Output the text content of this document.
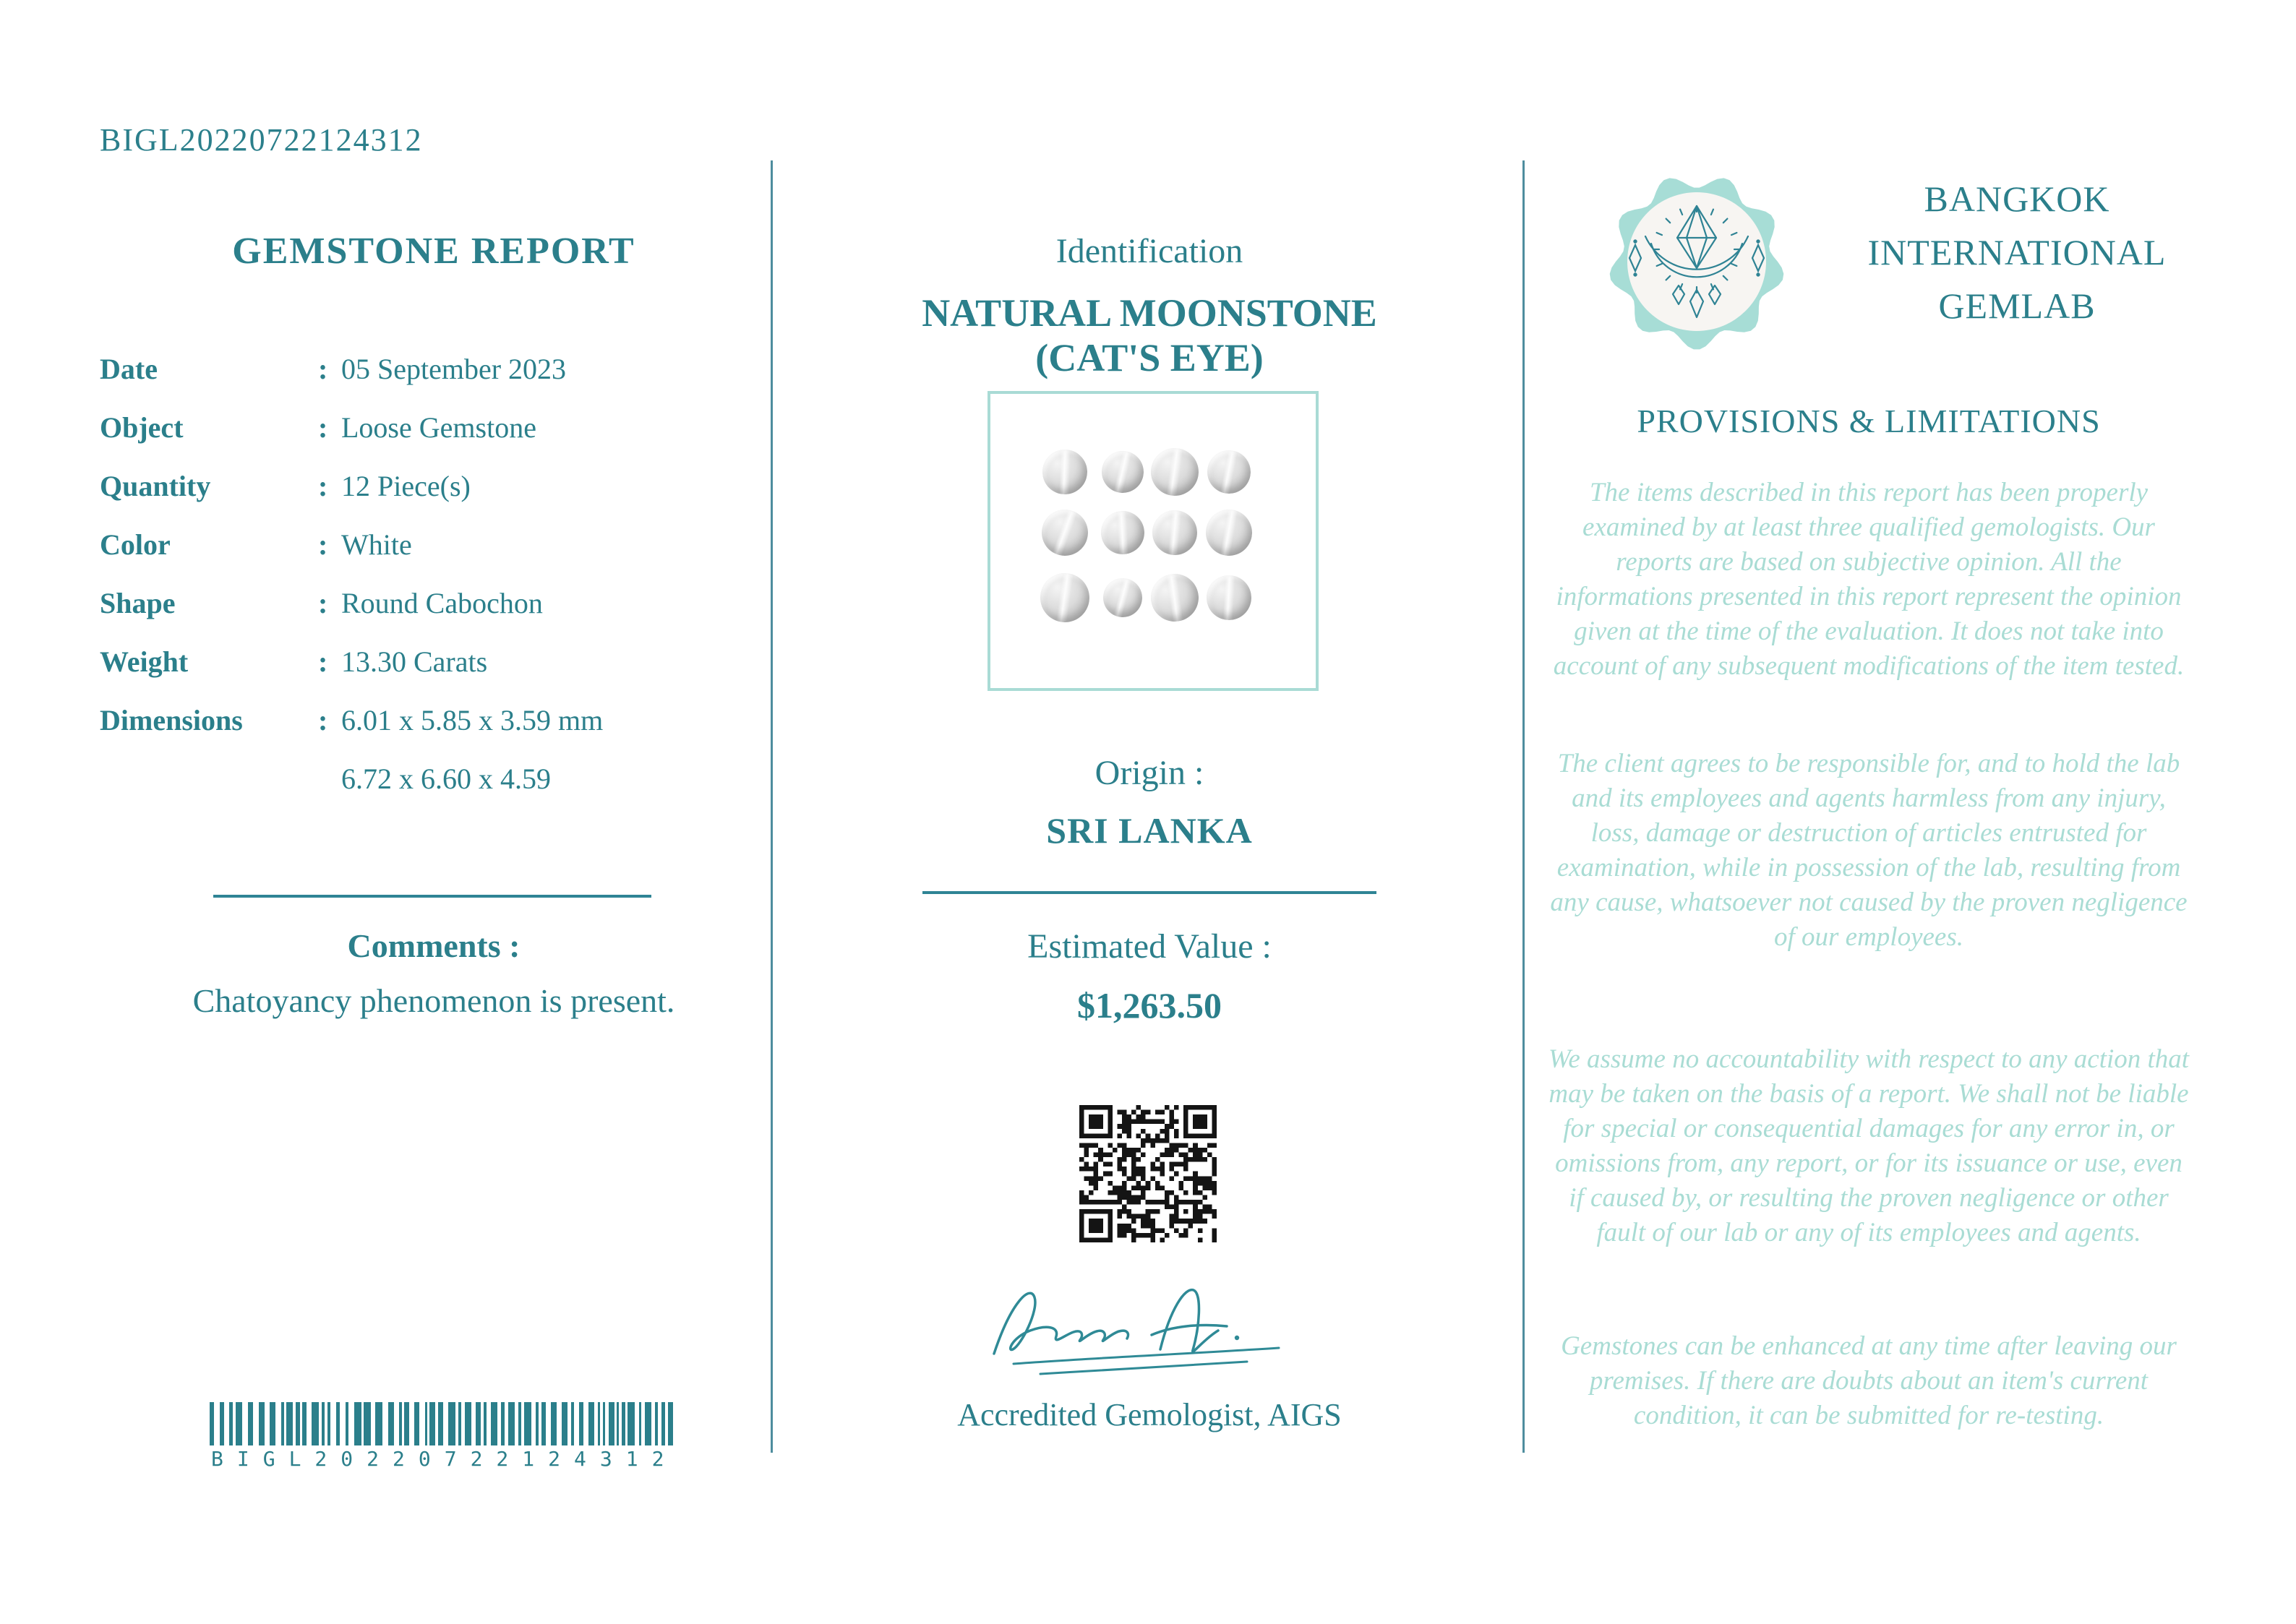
BIGL20220722124312
GEMSTONE REPORT
Date	: 05 September 2023
Object	: Loose Gemstone
Quantity	: 12 Piece(s)
Color	: White
Shape	: Round Cabochon
Weight	: 13.30 Carats
Dimensions	: 6.01 x 5.85 x 3.59 mm
6.72 x 6.60 x 4.59
Comments :
Chatoyancy phenomenon is present.
BIGL20220722124312
Identification
NATURAL MOONSTONE
(CAT'S EYE)
Origin :
SRI LANKA
Estimated Value :
$1,263.50
Accredited Gemologist, AIGS
BANGKOK
INTERNATIONAL
GEMLAB
PROVISIONS & LIMITATIONS
The items described in this report has been properly examined by at least three qualified gemologists. Our reports are based on subjective opinion. All the informations presented in this report represent the opinion given at the time of the evaluation. It does not take into account of any subsequent modifications of the item tested.
The client agrees to be responsible for, and to hold the lab and its employees and agents harmless from any injury, loss, damage or destruction of articles entrusted for examination, while in possession of the lab, resulting from any cause, whatsoever not caused by the proven negligence of our employees.
We assume no accountability with respect to any action that may be taken on the basis of a report. We shall not be liable for special or consequential damages for any error in, or omissions from, any report, or for its issuance or use, even if caused by, or resulting the proven negligence or other fault of our lab or any of its employees and agents.
Gemstones can be enhanced at any time after leaving our premises. If there are doubts about an item's current condition, it can be submitted for re-testing.
